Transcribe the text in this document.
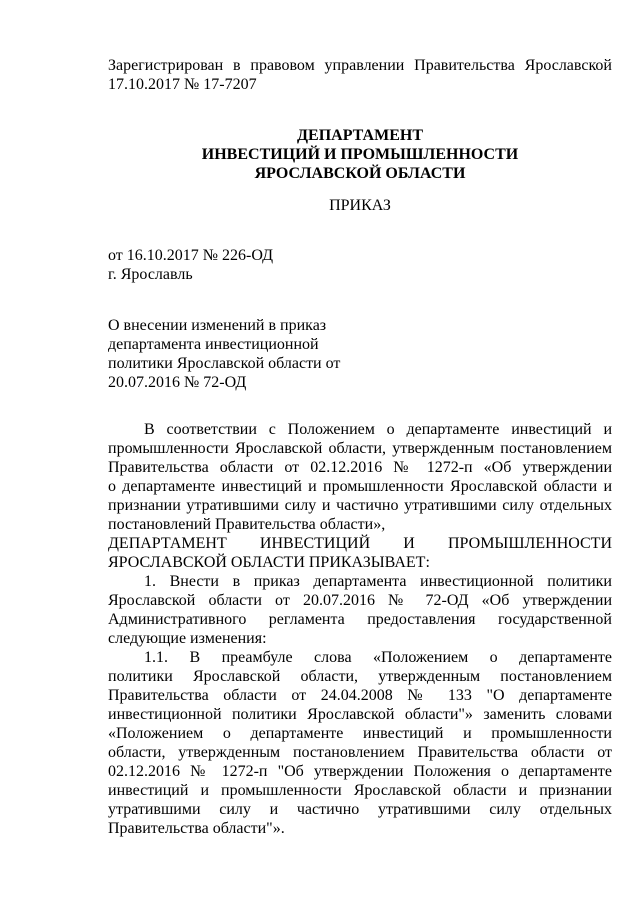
Зарегистрирован в правовом управлении Правительства Ярославской
17.10.2017 № 17-7207
ДЕПАРТАМЕНТ
ИНВЕСТИЦИЙ И ПРОМЫШЛЕННОСТИ
ЯРОСЛАВСКОЙ ОБЛАСТИ
ПРИКАЗ
от 16.10.2017 № 226-ОД
г. Ярославль
О внесении изменений в приказ
департамента инвестиционной
политики Ярославской области от
20.07.2016 № 72-ОД
В соответствии с Положением о департаменте инвестиций и
промышленности Ярославской области, утвержденным постановлением
Правительства области от 02.12.2016 № 1272-п «Об утверждении
о департаменте инвестиций и промышленности Ярославской области и
признании утратившими силу и частично утратившими силу отдельных
постановлений Правительства области»,
ДЕПАРТАМЕНТ ИНВЕСТИЦИЙ И ПРОМЫШЛЕННОСТИ
ЯРОСЛАВСКОЙ ОБЛАСТИ ПРИКАЗЫВАЕТ:
1. Внести в приказ департамента инвестиционной политики
Ярославской области от 20.07.2016 № 72-ОД «Об утверждении
Административного регламента предоставления государственной
следующие изменения:
1.1. В преамбуле слова «Положением о департаменте
политики Ярославской области, утвержденным постановлением
Правительства области от 24.04.2008 № 133 "О департаменте
инвестиционной политики Ярославской области"» заменить словами
«Положением о департаменте инвестиций и промышленности
области, утвержденным постановлением Правительства области от
02.12.2016 № 1272-п "Об утверждении Положения о департаменте
инвестиций и промышленности Ярославской области и признании
утратившими силу и частично утратившими силу отдельных
Правительства области"».
